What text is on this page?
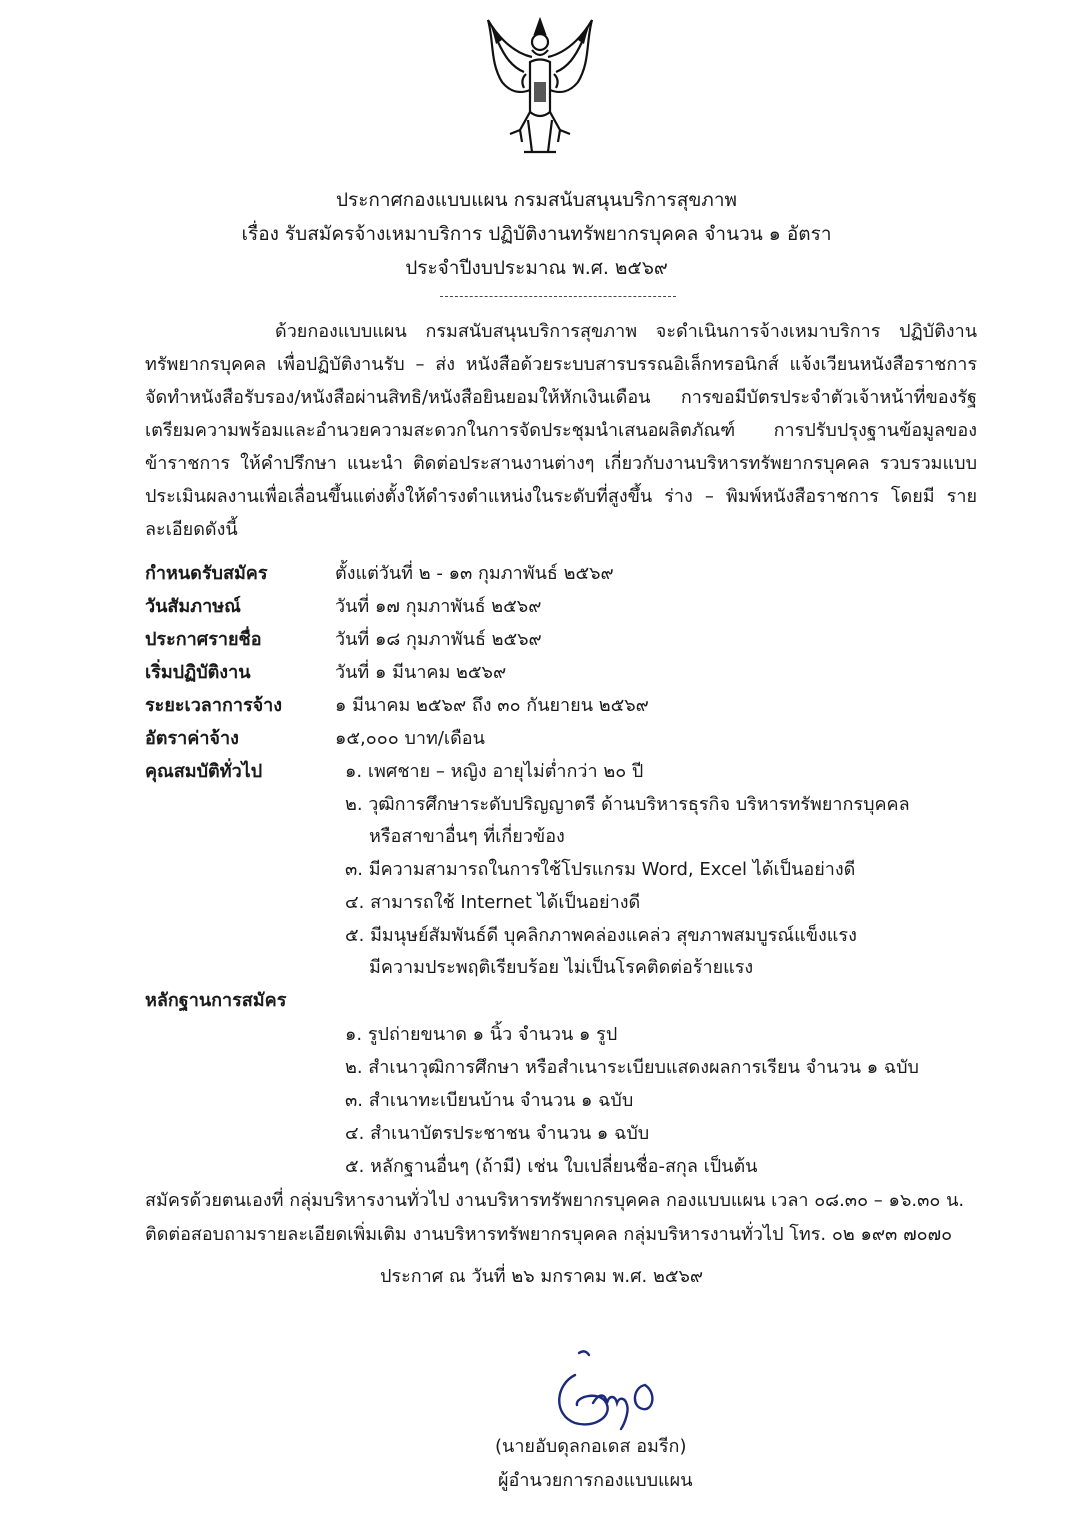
ประกาศกองแบบแผน กรมสนับสนุนบริการสุขภาพ
เรื่อง รับสมัครจ้างเหมาบริการ ปฏิบัติงานทรัพยากรบุคคล จำนวน ๑ อัตรา
ประจำปีงบประมาณ พ.ศ. ๒๕๖๙
ด้วยกองแบบแผน กรมสนับสนุนบริการสุขภาพ จะดำเนินการจ้างเหมาบริการ ปฏิบัติงาน ทรัพยากรบุคคล เพื่อปฏิบัติงานรับ – ส่ง หนังสือด้วยระบบสารบรรณอิเล็กทรอนิกส์ แจ้งเวียนหนังสือราชการ จัดทำหนังสือรับรอง/หนังสือผ่านสิทธิ/หนังสือยินยอมให้หักเงินเดือน การขอมีบัตรประจำตัวเจ้าหน้าที่ของรัฐ เตรียมความพร้อมและอำนวยความสะดวกในการจัดประชุมนำเสนอผลิตภัณฑ์ การปรับปรุงฐานข้อมูลของ ข้าราชการ ให้คำปรึกษา แนะนำ ติดต่อประสานงานต่างๆ เกี่ยวกับงานบริหารทรัพยากรบุคคล รวบรวมแบบ ประเมินผลงานเพื่อเลื่อนขึ้นแต่งตั้งให้ดำรงตำแหน่งในระดับที่สูงขึ้น ร่าง – พิมพ์หนังสือราชการ โดยมี รายละเอียดดังนี้
กำหนดรับสมัคร	ตั้งแต่วันที่ ๒ - ๑๓ กุมภาพันธ์ ๒๕๖๙
วันสัมภาษณ์	วันที่ ๑๗ กุมภาพันธ์ ๒๕๖๙
ประกาศรายชื่อ	วันที่ ๑๘ กุมภาพันธ์ ๒๕๖๙
เริ่มปฏิบัติงาน	วันที่ ๑ มีนาคม ๒๕๖๙
ระยะเวลาการจ้าง	๑ มีนาคม ๒๕๖๙ ถึง ๓๐ กันยายน ๒๕๖๙
อัตราค่าจ้าง	๑๕,๐๐๐ บาท/เดือน
คุณสมบัติทั่วไป	๑. เพศชาย – หญิง อายุไม่ต่ำกว่า ๒๐ ปี
๒. วุฒิการศึกษาระดับปริญญาตรี ด้านบริหารธุรกิจ บริหารทรัพยากรบุคคล
หรือสาขาอื่นๆ ที่เกี่ยวข้อง
๓. มีความสามารถในการใช้โปรแกรม Word, Excel ได้เป็นอย่างดี
๔. สามารถใช้ Internet ได้เป็นอย่างดี
๕. มีมนุษย์สัมพันธ์ดี บุคลิกภาพคล่องแคล่ว สุขภาพสมบูรณ์แข็งแรง
มีความประพฤติเรียบร้อย ไม่เป็นโรคติดต่อร้ายแรง
หลักฐานการสมัคร
๑. รูปถ่ายขนาด ๑ นิ้ว จำนวน ๑ รูป
๒. สำเนาวุฒิการศึกษา หรือสำเนาระเบียบแสดงผลการเรียน จำนวน ๑ ฉบับ
๓. สำเนาทะเบียนบ้าน จำนวน ๑ ฉบับ
๔. สำเนาบัตรประชาชน จำนวน ๑ ฉบับ
๕. หลักฐานอื่นๆ (ถ้ามี) เช่น ใบเปลี่ยนชื่อ-สกุล เป็นต้น
สมัครด้วยตนเองที่ กลุ่มบริหารงานทั่วไป งานบริหารทรัพยากรบุคคล กองแบบแผน เวลา ๐๘.๓๐ – ๑๖.๓๐ น.
ติดต่อสอบถามรายละเอียดเพิ่มเติม งานบริหารทรัพยากรบุคคล กลุ่มบริหารงานทั่วไป โทร. ๐๒ ๑๙๓ ๗๐๗๐
ประกาศ ณ วันที่ ๒๖ มกราคม พ.ศ. ๒๕๖๙
(นายอับดุลกอเดส อมรีก)
ผู้อำนวยการกองแบบแผน
